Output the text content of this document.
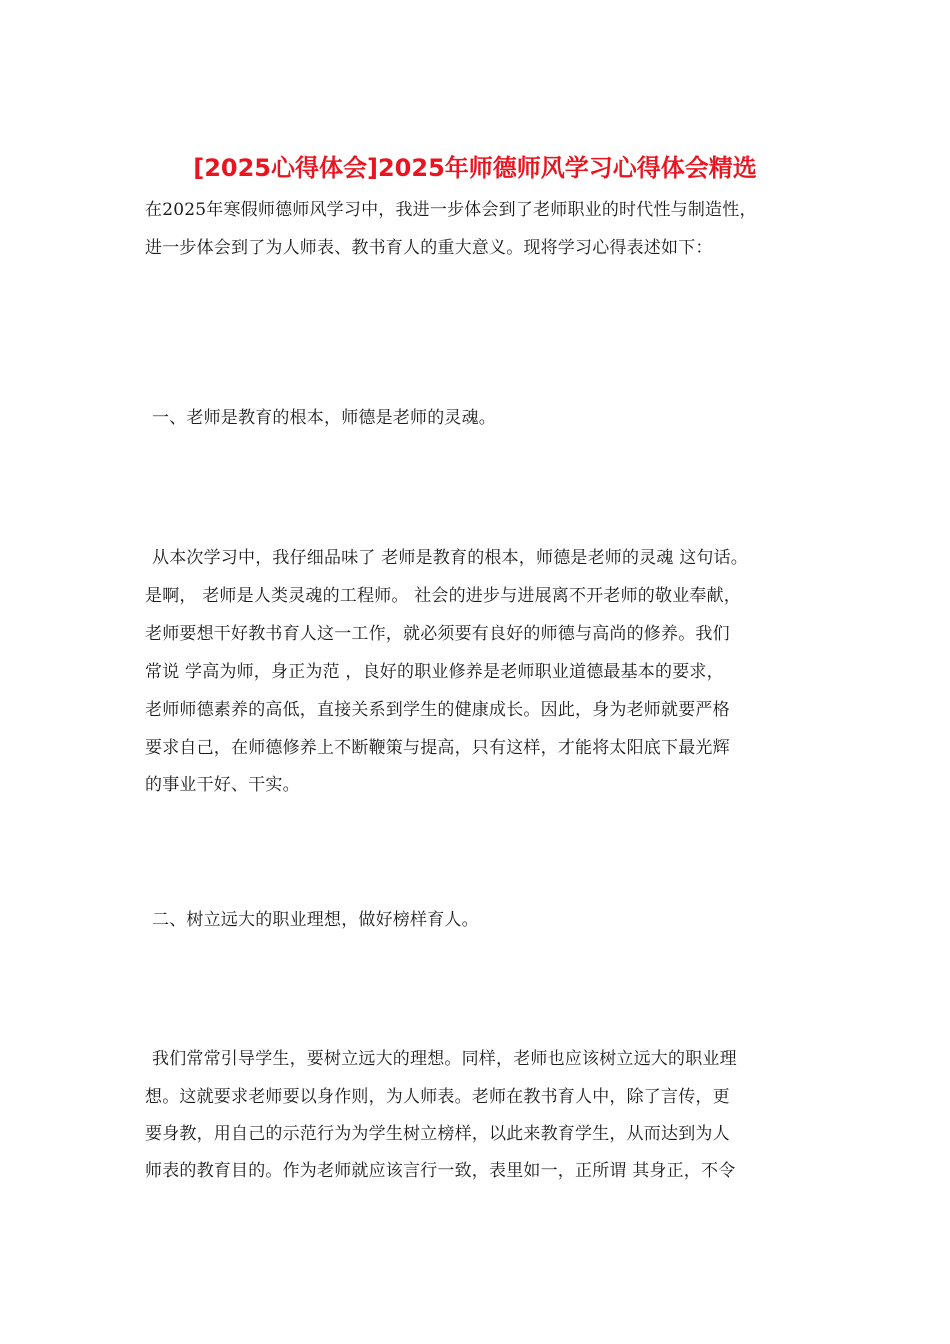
[2025心得体会]2025年师德师风学习心得体会精选
在2025年寒假师德师风学习中，我进一步体会到了老师职业的时代性与制造性，
进一步体会到了为人师表、教书育人的重大意义。现将学习心得表述如下：
一、老师是教育的根本，师德是老师的灵魂。
从本次学习中，我仔细品味了 老师是教育的根本，师德是老师的灵魂 这句话。
是啊， 老师是人类灵魂的工程师。 社会的进步与进展离不开老师的敬业奉献，
老师要想干好教书育人这一工作，就必须要有良好的师德与高尚的修养。我们
常说 学高为师，身正为范 ，良好的职业修养是老师职业道德最基本的要求，
老师师德素养的高低，直接关系到学生的健康成长。因此，身为老师就要严格
要求自己，在师德修养上不断鞭策与提高，只有这样，才能将太阳底下最光辉
的事业干好、干实。
二、树立远大的职业理想，做好榜样育人。
我们常常引导学生，要树立远大的理想。同样，老师也应该树立远大的职业理
想。这就要求老师要以身作则，为人师表。老师在教书育人中，除了言传，更
要身教，用自己的示范行为为学生树立榜样，以此来教育学生，从而达到为人
师表的教育目的。作为老师就应该言行一致，表里如一，正所谓 其身正，不令
